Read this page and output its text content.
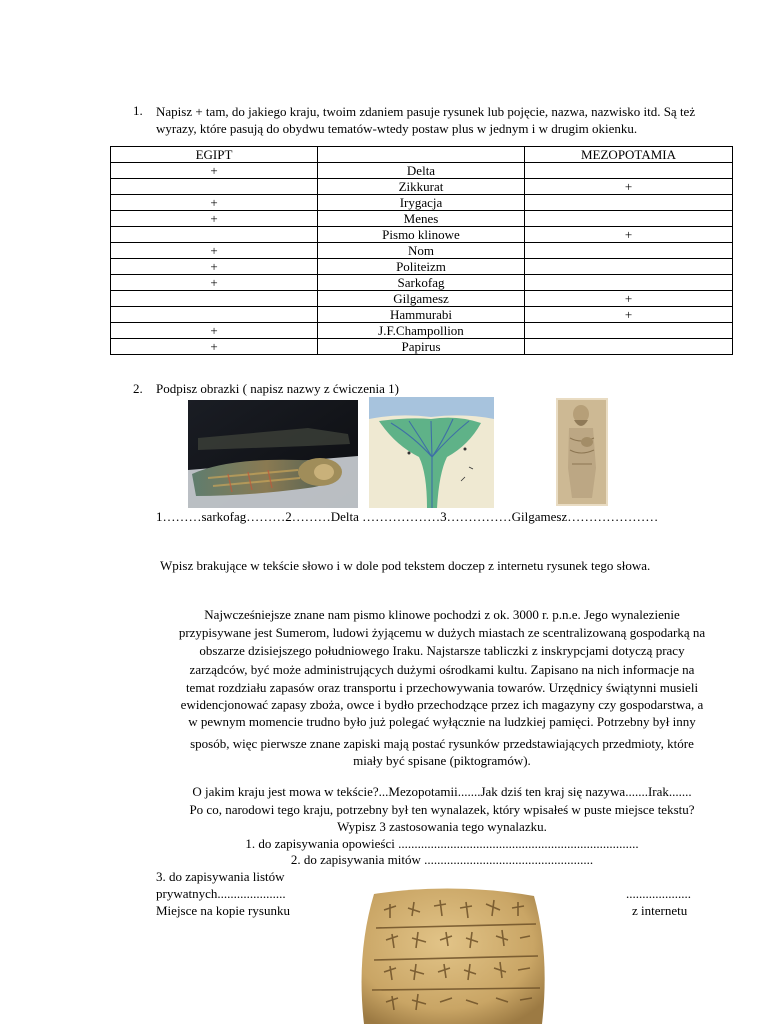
1. Napisz + tam, do jakiego kraju, twoim zdaniem pasuje rysunek lub pojęcie, nazwa, nazwisko itd. Są też wyrazy, które pasują do obydwu tematów-wtedy postaw plus w jednym i w drugim okienku.
EGIPT		MEZOPOTAMIA
+	Delta	
	Zikkurat	+
+	Irygacja	
+	Menes	
	Pismo klinowe	+
+	Nom	
+	Politeizm	
+	Sarkofag	
	Gilgamesz	+
	Hammurabi	+
+	J.F.Champollion	
+	Papirus	
2. Podpisz obrazki ( napisz nazwy z ćwiczenia 1)
1………sarkofag………2………Delta ………………3……………Gilgamesz…………………
Wpisz brakujące w tekście słowo i w dole pod tekstem doczep z internetu rysunek tego słowa.
Najwcześniejsze znane nam pismo klinowe pochodzi z ok. 3000 r. p.n.e. Jego wynalezienie
przypisywane jest Sumerom, ludowi żyjącemu w dużych miastach ze scentralizowaną gospodarką na
obszarze dzisiejszego południowego Iraku. Najstarsze tabliczki z inskrypcjami dotyczą pracy
zarządców, być może administrujących dużymi ośrodkami kultu. Zapisano na nich informacje na
temat rozdziału zapasów oraz transportu i przechowywania towarów. Urzędnicy świątynni musieli
ewidencjonować zapasy zboża, owce i bydło przechodzące przez ich magazyny czy gospodarstwa, a
w pewnym momencie trudno było już polegać wyłącznie na ludzkiej pamięci. Potrzebny był inny
sposób, więc pierwsze znane zapiski mają postać rysunków przedstawiających przedmioty, które
miały być spisane (piktogramów).
O jakim kraju jest mowa w tekście?...Mezopotamii.......Jak dziś ten kraj się nazywa.......Irak.......
Po co, narodowi tego kraju, potrzebny był ten wynalazek, który wpisałeś w puste miejsce tekstu?
Wypisz 3 zastosowania tego wynalazku.
1. do zapisywania opowieści ..........................................................................
2. do zapisywania mitów ....................................................
3. do zapisywania listów
prywatnych.....................
Miejsce na kopie rysunku
....................
z internetu
